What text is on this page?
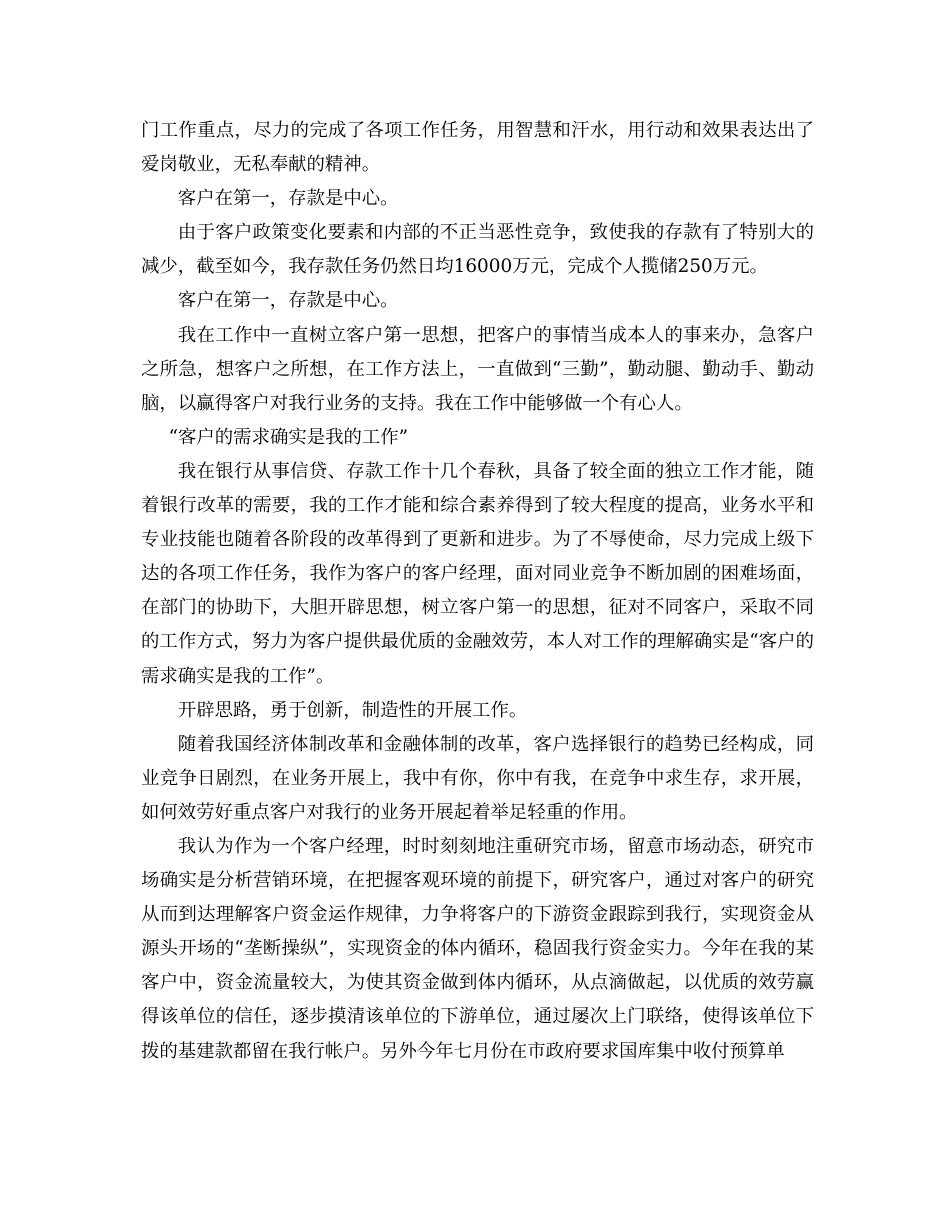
门工作重点，尽力的完成了各项工作任务，用智慧和汗水，用行动和效果表达出了爱岗敬业，无私奉献的精神。

客户在第一，存款是中心。

由于客户政策变化要素和内部的不正当恶性竞争，致使我的存款有了特别大的减少，截至如今，我存款任务仍然日均16000万元，完成个人揽储250万元。

客户在第一，存款是中心。

我在工作中一直树立客户第一思想，把客户的事情当成本人的事来办，急客户之所急，想客户之所想，在工作方法上，一直做到“三勤”，勤动腿、勤动手、勤动脑，以赢得客户对我行业务的支持。我在工作中能够做一个有心人。

“客户的需求确实是我的工作”

我在银行从事信贷、存款工作十几个春秋，具备了较全面的独立工作才能，随着银行改革的需要，我的工作才能和综合素养得到了较大程度的提高，业务水平和专业技能也随着各阶段的改革得到了更新和进步。为了不辱使命，尽力完成上级下达的各项工作任务，我作为客户的客户经理，面对同业竞争不断加剧的困难场面，在部门的协助下，大胆开辟思想，树立客户第一的思想，征对不同客户，采取不同的工作方式，努力为客户提供最优质的金融效劳，本人对工作的理解确实是“客户的需求确实是我的工作”。

开辟思路，勇于创新，制造性的开展工作。

随着我国经济体制改革和金融体制的改革，客户选择银行的趋势已经构成，同业竞争日剧烈，在业务开展上，我中有你，你中有我，在竞争中求生存，求开展，如何效劳好重点客户对我行的业务开展起着举足轻重的作用。

我认为作为一个客户经理，时时刻刻地注重研究市场，留意市场动态，研究市场确实是分析营销环境，在把握客观环境的前提下，研究客户，通过对客户的研究从而到达理解客户资金运作规律，力争将客户的下游资金跟踪到我行，实现资金从源头开场的“垄断操纵”，实现资金的体内循环，稳固我行资金实力。今年在我的某客户中，资金流量较大，为使其资金做到体内循环，从点滴做起，以优质的效劳赢得该单位的信任，逐步摸清该单位的下游单位，通过屡次上门联络，使得该单位下拨的基建款都留在我行帐户。另外今年七月份在市政府要求国库集中收付预算单
